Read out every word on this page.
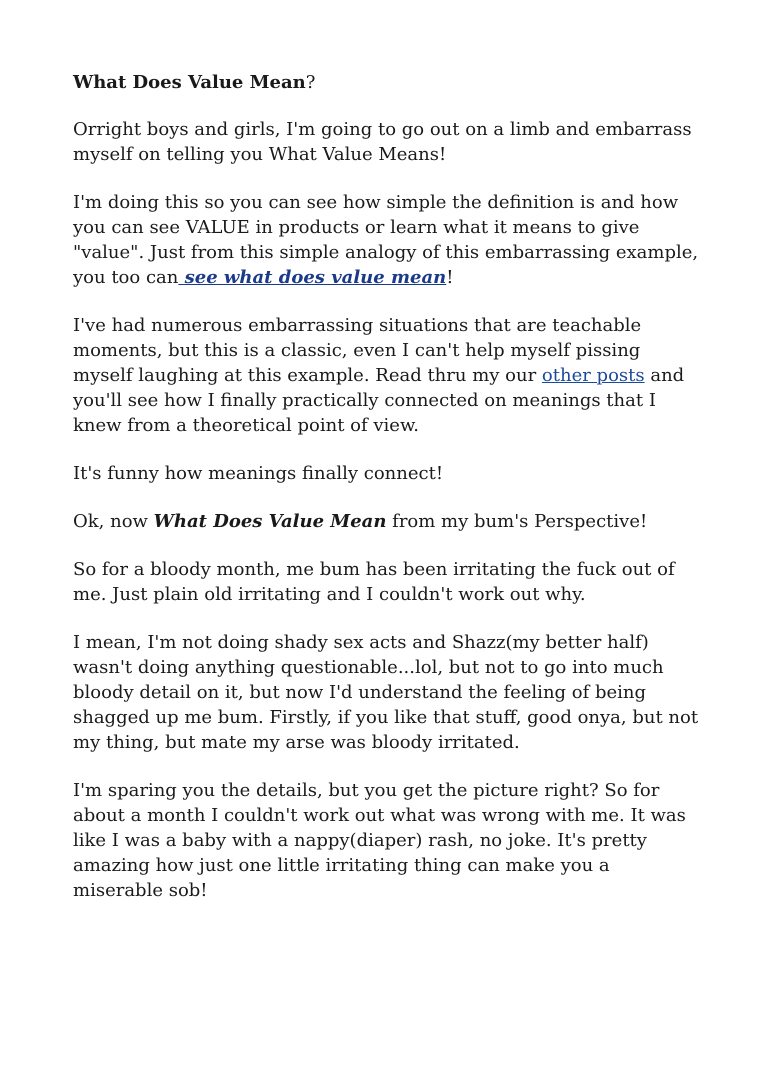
What Does Value Mean?

Orright boys and girls, I'm going to go out on a limb and embarrass myself on telling you What Value Means!

I'm doing this so you can see how simple the definition is and how you can see VALUE in products or learn what it means to give "value". Just from this simple analogy of this embarrassing example, you too can see what does value mean!

I've had numerous embarrassing situations that are teachable moments, but this is a classic, even I can't help myself pissing myself laughing at this example. Read thru my our other posts and you'll see how I finally practically connected on meanings that I knew from a theoretical point of view.

It's funny how meanings finally connect!

Ok, now What Does Value Mean from my bum's Perspective!

So for a bloody month, me bum has been irritating the fuck out of me. Just plain old irritating and I couldn't work out why.

I mean, I'm not doing shady sex acts and Shazz(my better half) wasn't doing anything questionable...lol, but not to go into much bloody detail on it, but now I'd understand the feeling of being shagged up me bum. Firstly, if you like that stuff, good onya, but not my thing, but mate my arse was bloody irritated.

I'm sparing you the details, but you get the picture right? So for about a month I couldn't work out what was wrong with me. It was like I was a baby with a nappy(diaper) rash, no joke. It's pretty amazing how just one little irritating thing can make you a miserable sob!
